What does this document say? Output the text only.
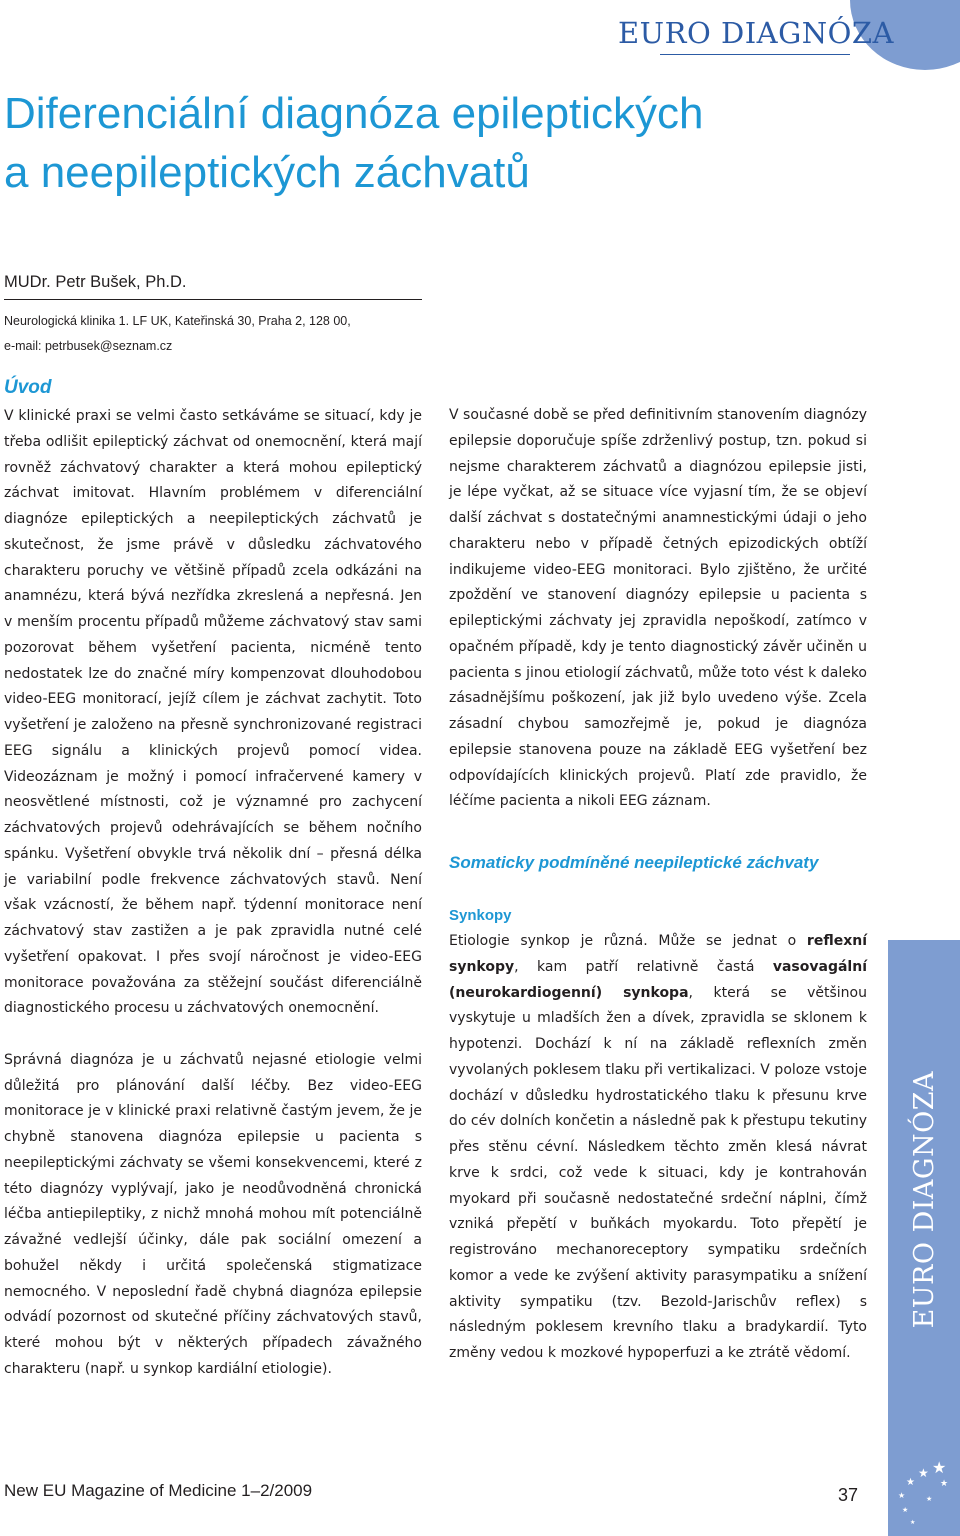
EURO DIAGNÓZA
Diferenciální diagnóza epileptických
a neepileptických záchvatů
MUDr. Petr Bušek, Ph.D.
Neurologická klinika 1. LF UK, Kateřinská 30, Praha 2, 128 00,
e-mail: petrbusek@seznam.cz
Úvod

V klinické praxi se velmi často setkáváme se situací, kdy je třeba odlišit epileptický záchvat od onemocnění, která mají rovněž záchvatový charakter a která mohou epileptický záchvat imitovat. Hlavním problémem v diferenciální diagnóze epileptických a neepileptických záchvatů je skutečnost, že jsme právě v důsledku záchvatového charakteru poruchy ve většině případů zcela odkázáni na anamnézu, která bývá nezřídka zkreslená a nepřesná. Jen v menším procentu případů můžeme záchvatový stav sami pozorovat během vyšetření pacienta, nicméně tento nedostatek lze do značné míry kompenzovat dlouhodobou video-EEG monitorací, jejíž cílem je záchvat zachytit. Toto vyšetření je založeno na přesně synchronizované registraci EEG signálu a klinických projevů pomocí videa. Videozáznam je možný i pomocí infračervené kamery v neosvětlené místnosti, což je významné pro zachycení záchvatových projevů odehrávajících se během nočního spánku. Vyšetření obvykle trvá několik dní – přesná délka je variabilní podle frekvence záchvatových stavů. Není však vzácností, že během např. týdenní monitorace není záchvatový stav zastižen a je pak zpravidla nutné celé vyšetření opakovat. I přes svojí náročnost je video-EEG monitorace považována za stěžejní součást diferenciálně diagnostického procesu u záchvatových onemocnění.

Správná diagnóza je u záchvatů nejasné etiologie velmi důležitá pro plánování další léčby. Bez video-EEG monitorace je v klinické praxi relativně častým jevem, že je chybně stanovena diagnóza epilepsie u pacienta s neepileptickými záchvaty se všemi konsekvencemi, které z této diagnózy vyplývají, jako je neodůvodněná chronická léčba antiepileptiky, z nichž mnohá mohou mít potenciálně závažné vedlejší účinky, dále pak sociální omezení a bohužel někdy i určitá společenská stigmatizace nemocného. V neposlední řadě chybná diagnóza epilepsie odvádí pozornost od skutečné příčiny záchvatových stavů, které mohou být v některých případech závažného charakteru (např. u synkop kardiální etiologie).

V současné době se před definitivním stanovením diagnózy epilepsie doporučuje spíše zdrženlivý postup, tzn. pokud si nejsme charakterem záchvatů a diagnózou epilepsie jisti, je lépe vyčkat, až se situace více vyjasní tím, že se objeví další záchvat s dostatečnými anamnestickými údaji o jeho charakteru nebo v případě četných epizodických obtíží indikujeme video-EEG monitoraci. Bylo zjištěno, že určité zpoždění ve stanovení diagnózy epilepsie u pacienta s epileptickými záchvaty jej zpravidla nepoškodí, zatímco v opačném případě, kdy je tento diagnostický závěr učiněn u pacienta s jinou etiologií záchvatů, může toto vést k daleko zásadnějšímu poškození, jak již bylo uvedeno výše. Zcela zásadní chybou samozřejmě je, pokud je diagnóza epilepsie stanovena pouze na základě EEG vyšetření bez odpovídajících klinických projevů. Platí zde pravidlo, že léčíme pacienta a nikoli EEG záznam.

Somaticky podmíněné neepileptické záchvaty
Synkopy

Etiologie synkop je různá. Může se jednat o reflexní synkopy, kam patří relativně častá vasovagální (neurokardiogenní) synkopa, která se většinou vyskytuje u mladších žen a dívek, zpravidla se sklonem k hypotenzi. Dochází k ní na základě reflexních změn vyvolaných poklesem tlaku při vertikalizaci. V poloze vstoje dochází v důsledku hydrostatického tlaku k přesunu krve do cév dolních končetin a následně pak k přestupu tekutiny přes stěnu cévní. Následkem těchto změn klesá návrat krve k srdci, což vede k situaci, kdy je kontrahován myokard při současně nedostatečné srdeční náplni, čímž vzniká přepětí v buňkách myokardu. Toto přepětí je registrováno mechanoreceptory sympatiku srdečních komor a vede ke zvýšení aktivity parasympatiku a snížení aktivity sympatiku (tzv. Bezold-Jarischův reflex) s následným poklesem krevního tlaku a bradykardií. Tyto změny vedou k mozkové hypoperfuzi a ke ztrátě vědomí.

EURO DIAGNÓZA
★
★
★
★
★
★
★
★
New EU Magazine of Medicine 1–2/2009	37
